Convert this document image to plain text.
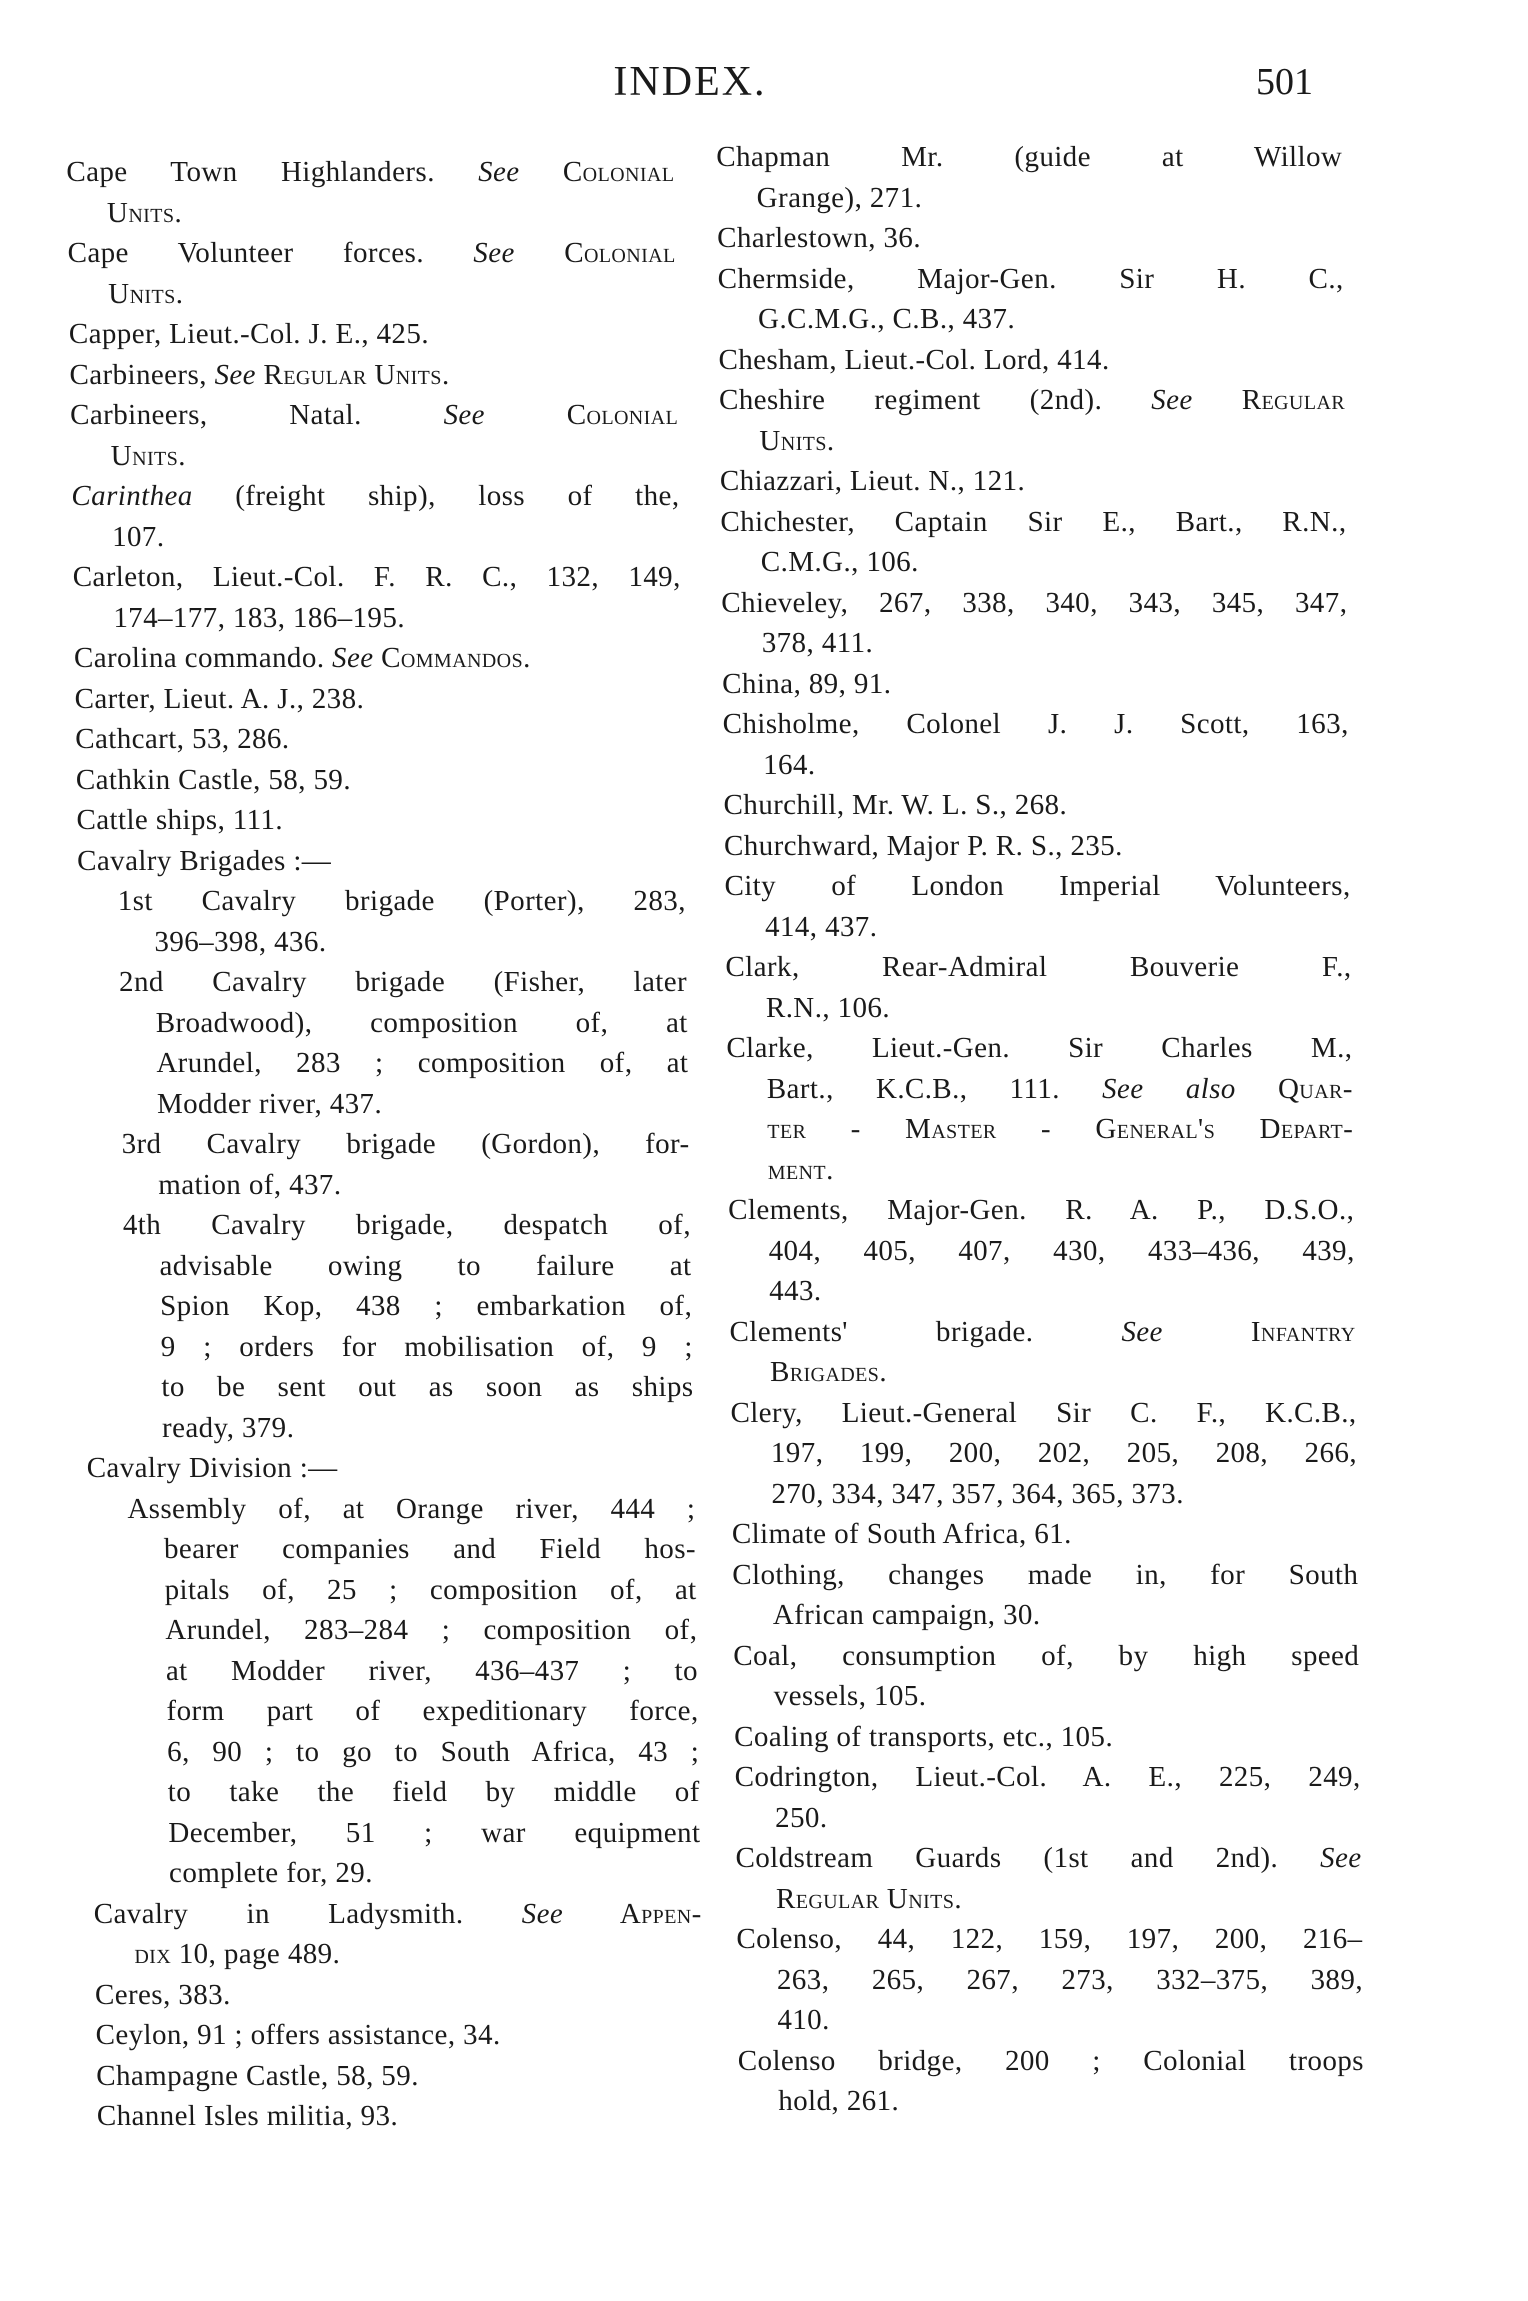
INDEX.	501
Cape Town Highlanders. See Colonial
Units.
Cape Volunteer forces. See Colonial
Units.
Capper, Lieut.-Col. J. E., 425.
Carbineers, See Regular Units.
Carbineers, Natal. See Colonial
Units.
Carinthea (freight ship), loss of the,
107.
Carleton, Lieut.-Col. F. R. C., 132, 149,
174–177, 183, 186–195.
Carolina commando. See Commandos.
Carter, Lieut. A. J., 238.
Cathcart, 53, 286.
Cathkin Castle, 58, 59.
Cattle ships, 111.
Cavalry Brigades :—
1st Cavalry brigade (Porter), 283,
396–398, 436.
2nd Cavalry brigade (Fisher, later
Broadwood), composition of, at
Arundel, 283 ; composition of, at
Modder river, 437.
3rd Cavalry brigade (Gordon), for-
mation of, 437.
4th Cavalry brigade, despatch of,
advisable owing to failure at
Spion Kop, 438 ; embarkation of,
9 ; orders for mobilisation of, 9 ;
to be sent out as soon as ships
ready, 379.
Cavalry Division :—
Assembly of, at Orange river, 444 ;
bearer companies and Field hos-
pitals of, 25 ; composition of, at
Arundel, 283–284 ; composition of,
at Modder river, 436–437 ; to
form part of expeditionary force,
6, 90 ; to go to South Africa, 43 ;
to take the field by middle of
December, 51 ; war equipment
complete for, 29.
Cavalry in Ladysmith. See Appen-
dix 10, page 489.
Ceres, 383.
Ceylon, 91 ; offers assistance, 34.
Champagne Castle, 58, 59.
Channel Isles militia, 93.
Chapman Mr. (guide at Willow
Grange), 271.
Charlestown, 36.
Chermside, Major-Gen. Sir H. C.,
G.C.M.G., C.B., 437.
Chesham, Lieut.-Col. Lord, 414.
Cheshire regiment (2nd). See Regular
Units.
Chiazzari, Lieut. N., 121.
Chichester, Captain Sir E., Bart., R.N.,
C.M.G., 106.
Chieveley, 267, 338, 340, 343, 345, 347,
378, 411.
China, 89, 91.
Chisholme, Colonel J. J. Scott, 163,
164.
Churchill, Mr. W. L. S., 268.
Churchward, Major P. R. S., 235.
City of London Imperial Volunteers,
414, 437.
Clark, Rear-Admiral Bouverie F.,
R.N., 106.
Clarke, Lieut.-Gen. Sir Charles M.,
Bart., K.C.B., 111. See also Quar-
ter - Master - General's Depart-
ment.
Clements, Major-Gen. R. A. P., D.S.O.,
404, 405, 407, 430, 433–436, 439,
443.
Clements' brigade. See Infantry
Brigades.
Clery, Lieut.-General Sir C. F., K.C.B.,
197, 199, 200, 202, 205, 208, 266,
270, 334, 347, 357, 364, 365, 373.
Climate of South Africa, 61.
Clothing, changes made in, for South
African campaign, 30.
Coal, consumption of, by high speed
vessels, 105.
Coaling of transports, etc., 105.
Codrington, Lieut.-Col. A. E., 225, 249,
250.
Coldstream Guards (1st and 2nd). See
Regular Units.
Colenso, 44, 122, 159, 197, 200, 216–
263, 265, 267, 273, 332–375, 389,
410.
Colenso bridge, 200 ; Colonial troops
hold, 261.
